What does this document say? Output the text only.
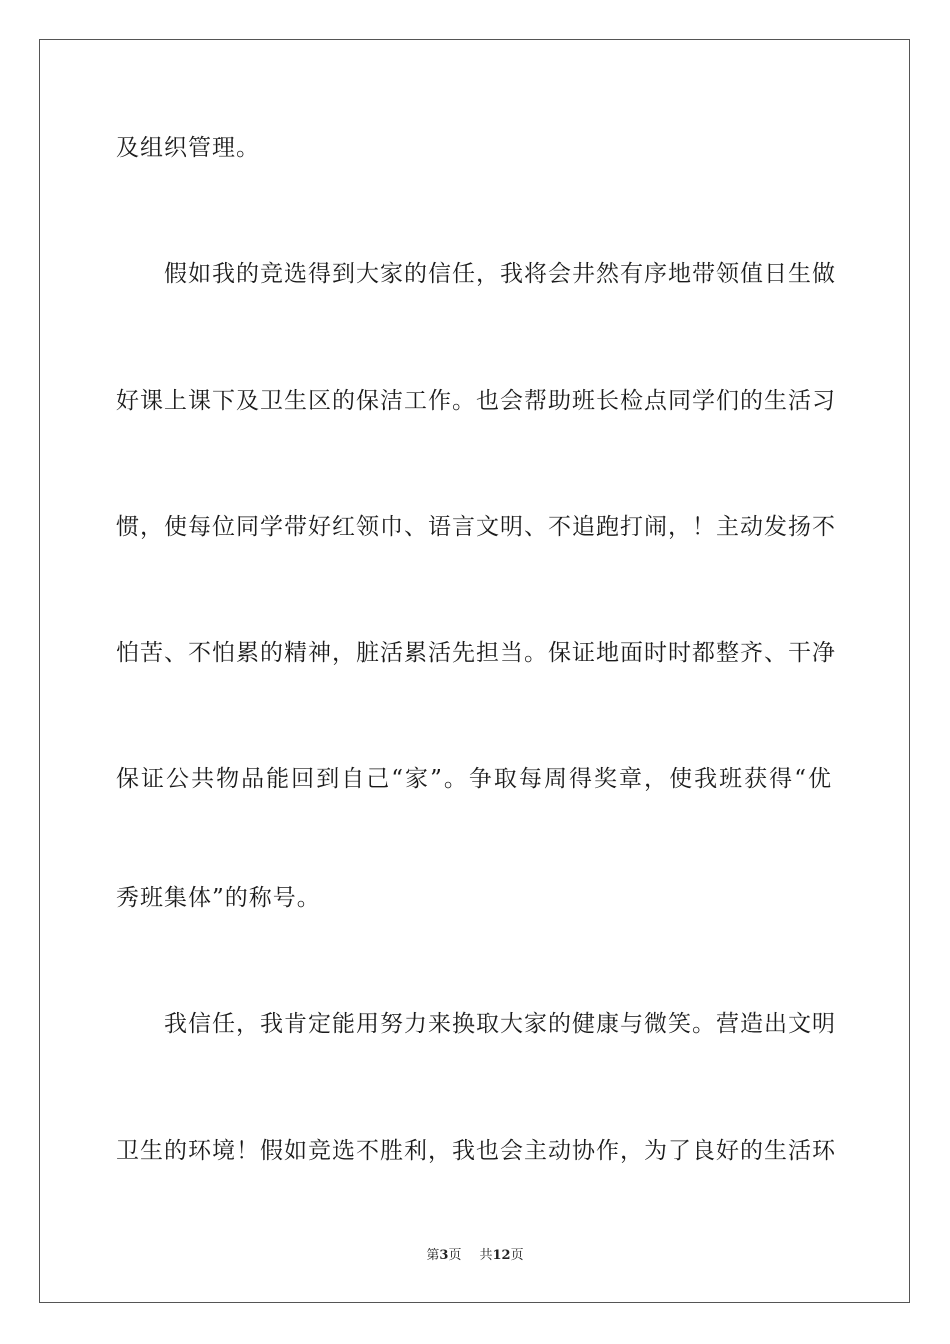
及组织管理。
假如我的竞选得到大家的信任，我将会井然有序地带领值日生做
好课上课下及卫生区的保洁工作。也会帮助班长检点同学们的生活习
惯，使每位同学带好红领巾、语言文明、不追跑打闹，！主动发扬不
怕苦、不怕累的精神，脏活累活先担当。保证地面时时都整齐、干净
保证公共物品能回到自己“家”。争取每周得奖章，使我班获得“优
秀班集体”的称号。
我信任，我肯定能用努力来换取大家的健康与微笑。营造出文明
卫生的环境！假如竞选不胜利，我也会主动协作，为了良好的生活环
第3页 共12页
